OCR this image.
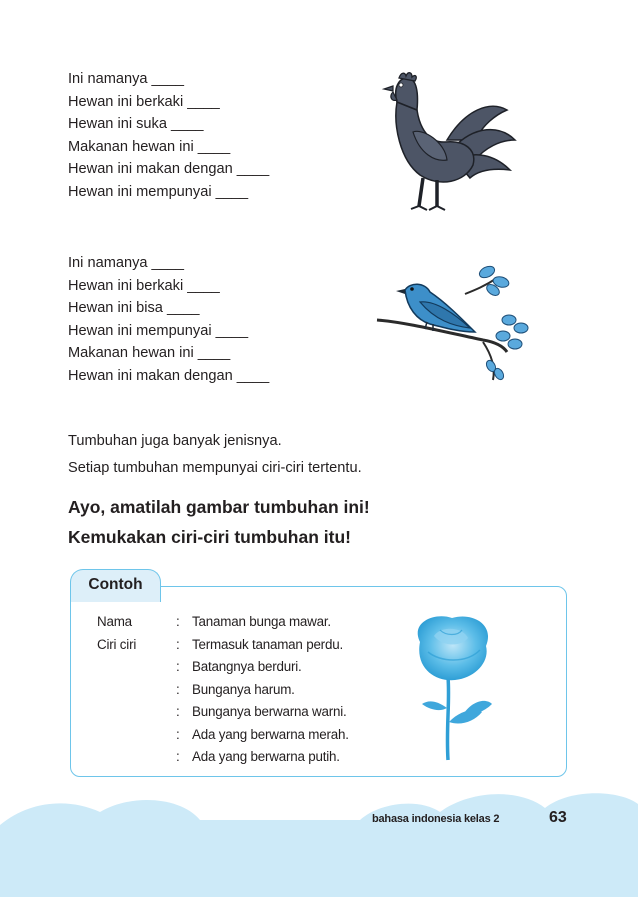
Ini namanya ____
Hewan ini berkaki ____
Hewan ini suka ____
Makanan hewan ini ____
Hewan ini makan dengan ____
Hewan ini mempunyai ____
Ini namanya ____
Hewan ini berkaki ____
Hewan ini bisa ____
Hewan ini mempunyai ____
Makanan hewan ini ____
Hewan ini makan dengan ____
Tumbuhan juga banyak jenisnya.
Setiap tumbuhan mempunyai ciri-ciri tertentu.
Ayo, amatilah gambar tumbuhan ini!
Kemukakan ciri-ciri tumbuhan itu!
Contoh
Nama	: Tanaman bunga mawar.
Ciri ciri	: Termasuk tanaman perdu.
: Batangnya berduri.
: Bunganya harum.
: Bunganya berwarna warni.
: Ada yang berwarna merah.
: Ada yang berwarna putih.
bahasa indonesia kelas 2	63
